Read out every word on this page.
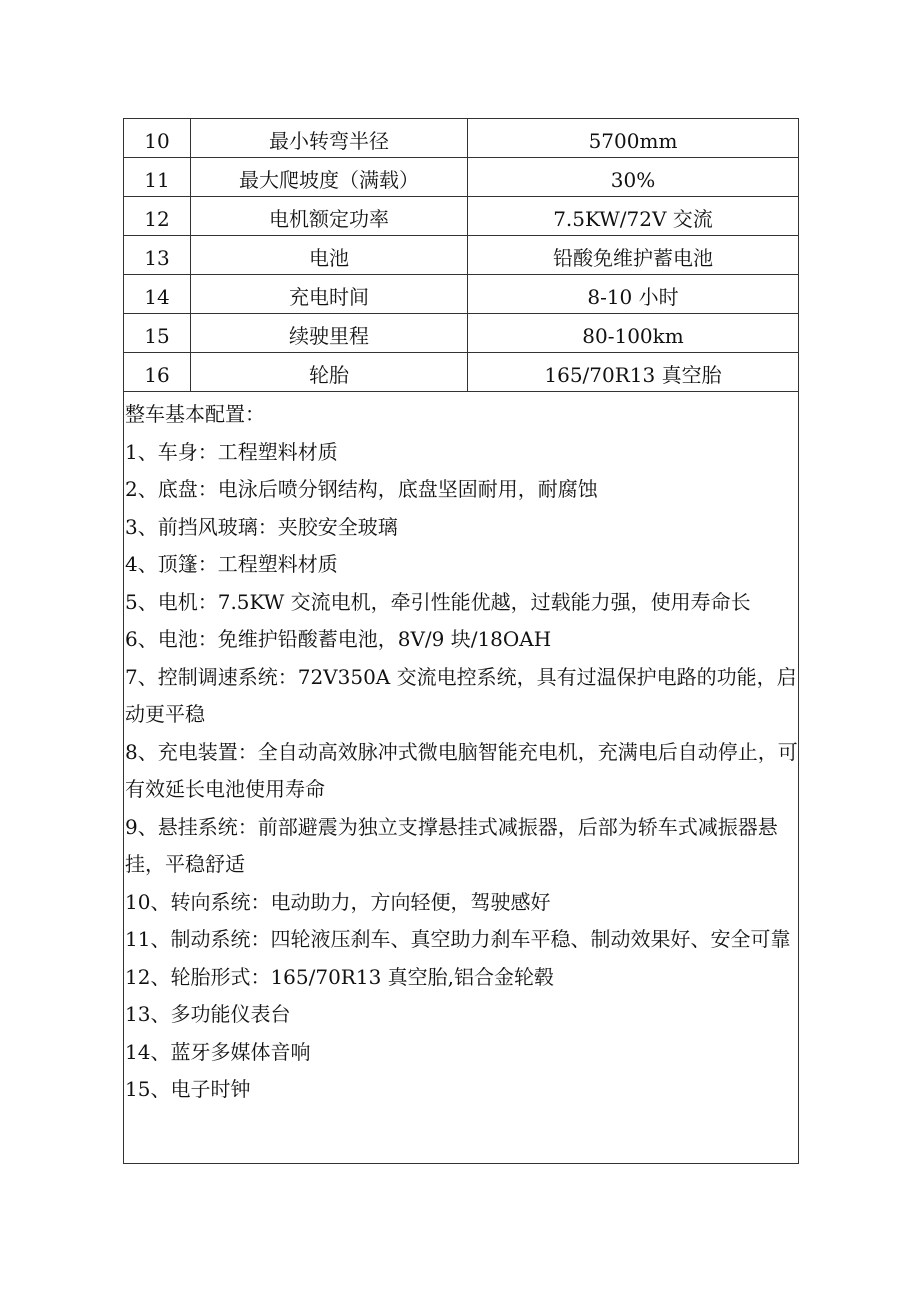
10	最小转弯半径	5700mm
11	最大爬坡度（满载）	30%
12	电机额定功率	7.5KW/72V 交流
13	电池	铅酸免维护蓄电池
14	充电时间	8-10 小时
15	续驶里程	80-100km
16	轮胎	165/70R13 真空胎

整车基本配置：

1、车身：工程塑料材质

2、底盘：电泳后喷分钢结构，底盘坚固耐用，耐腐蚀

3、前挡风玻璃：夹胶安全玻璃

4、顶篷：工程塑料材质

5、电机：7.5KW 交流电机，牵引性能优越，过载能力强，使用寿命长

6、电池：免维护铅酸蓄电池，8V/9 块/18OAH

7、控制调速系统：72V350A 交流电控系统，具有过温保护电路的功能，启动更平稳

8、充电装置：全自动高效脉冲式微电脑智能充电机，充满电后自动停止，可有效延长电池使用寿命

9、悬挂系统：前部避震为独立支撑悬挂式减振器，后部为轿车式减振器悬挂，平稳舒适

10、转向系统：电动助力，方向轻便，驾驶感好

11、制动系统：四轮液压刹车、真空助力刹车平稳、制动效果好、安全可靠

12、轮胎形式：165/70R13 真空胎,铝合金轮毂

13、多功能仪表台

14、蓝牙多媒体音响

15、电子时钟
